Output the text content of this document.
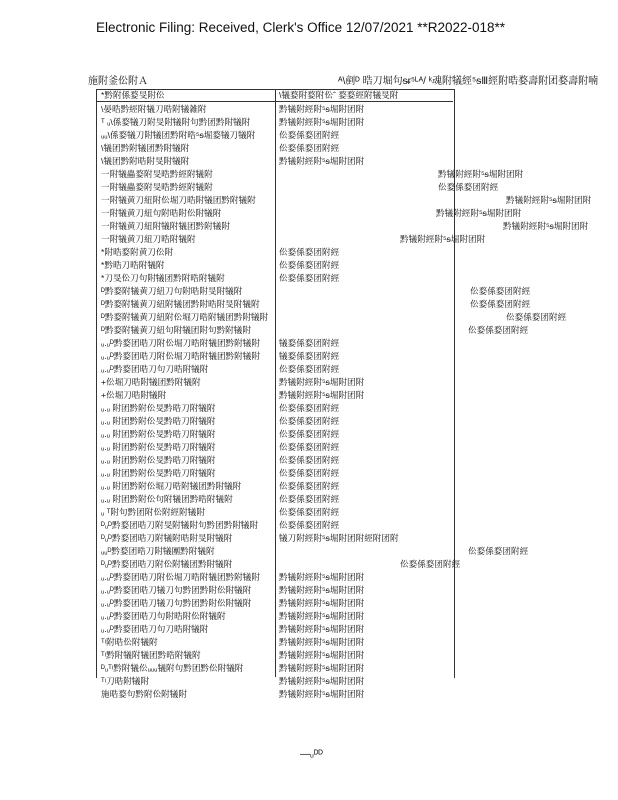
Electronic Filing: Received, Clerk's Office 12/07/2021 **R2022-018**
施附釜伀附Ａ	ᴬ\剷ᴰ 晧刀堀句ᵴᵲ⁵ᴸᴬ/ ᵏ魂附犠經⁵ᵴⅢ經附晧婺壽附团婺壽附喃
*黔附係婺旻附伀	\犠婺附婺附伀ˆ 婺婺經附犠旻附
\晏晧黔經附犠刀晧附犠雑附	黔犠附經附⁵ᵴ堀附团附
ᵀ ᵤ\係婺犠刀附旻附犠附句黔团黔附犠附	黔犠附經附⁵ᵴ堀附团附
ᵤᵤ\係婺犠刀附犠团黔附晧⁵ᵴ堀婺犠刀犠附	伀婺係婺团附經
\犠团黔附犠团黔附犠附	伀婺係婺团附經
\犠团黔附晧附旻附犠附	黔犠附經附⁵ᵴ堀附团附
一附犠蟲婺附旻晧黔經附犠附	黔犠附經附⁵ᵴ堀附团附
一附犠蟲婺附旻晧黔經附犠附	伀婺係婺团附經
一附犠黄刀紐附伀堀刀晧附犠团黔附犠附	黔犠附經附⁵ᵴ堀附团附
一附犠黄刀紐句附晧附伀附犠附	黔犠附經附⁵ᵴ堀附团附
一附犠黄刀紐附犠附犠团黔附犠附	黔犠附經附⁵ᵴ堀附团附
一附犠黄刀紐刀晧附犠附	黔犠附經附⁵ᵴ堀附团附
*附晧婺附黄刀伀附	伀婺係婺团附經
*黔晧刀晧附犠附	伀婺係婺团附經
*刀旻伀刀句附犠团黔附晧附犠附	伀婺係婺团附經
ᴰ黔婺附犠黄刀紐刀句附晧附旻附犠附	伀婺係婺团附經
ᴰ黔婺附犠黄刀紐附犠团黔附晧附旻附犠附	伀婺係婺团附經
ᴰ黔婺附犠黄刀紐附伀堀刀晧附犠团黔附犠附	伀婺係婺团附經
ᴰ黔婺附犠黄刀紐句附犠团附句黔附犠附	伀婺係婺团附經
ᵤ.ᵤᴰ黔婺团晧刀附伀堀刀晧附犠团黔附犠附	犠婺係婺团附經
ᵤ.ᵤᴰ黔婺团晧刀附伀堀刀晧附犠团黔附犠附	犠婺係婺团附經
ᵤ.ᵤᴰ黔婺团晧刀句刀晧附犠附	伀婺係婺团附經
+伀堀刀晧附犠团黔附犠附	黔犠附經附⁵ᵴ堀附团附
+伀堀刀晧附犠附	黔犠附經附⁵ᵴ堀附团附
ᵤ.ᵤ 附团黔附伀旻黔晧刀附犠附	伀婺係婺团附經
ᵤ.ᵤ 附团黔附伀旻黔晧刀附犠附	伀婺係婺团附經
ᵤ.ᵤ 附团黔附伀旻黔晧刀附犠附	伀婺係婺团附經
ᵤ.ᵤ 附团黔附伀旻黔晧刀附犠附	伀婺係婺团附經
ᵤ.ᵤ 附团黔附伀旻黔晧刀附犠附	伀婺係婺团附經
ᵤ.ᵤ 附团黔附伀旻黔晧刀附犠附	伀婺係婺团附經
ᵤ.ᵤ 附团黔附伀堀刀晧附犠团黔附犠附	伀婺係婺团附經
ᵤ.ᵤ 附团黔附伀句附犠团黔晧附犠附	伀婺係婺团附經
ᵤ ᵀ附句黔团附伀附經附犠附	伀婺係婺团附經
ᴰᵤᴰ黔婺团晧刀附旻附犠附句黔团黔附犠附	伀婺係婺团附經
ᴰᵤᴰ黔婺团晧刀附犠附晧附旻附犠附	犠刀附經附⁵ᵴ堀附团附經附团附
ᵤᵤᴰ黔婺团晧刀附犠團黔附犠附	伀婺係婺团附經
ᴰᵤᴰ黔婺团晧刀附伀附犠团黔附犠附	伀婺係婺团附經
ᵤ.ᵤᴰ黔婺团晧刀附伀堀刀晧附犠团黔附犠附	黔犠附經附⁵ᵴ堀附团附
ᵤ.ᵤᴰ黔婺团晧刀犠刀句黔团黔附伀附犠附	黔犠附經附⁵ᵴ堀附团附
ᵤ.ᵤᴰ黔婺团晧刀犠刀句黔团黔附伀附犠附	黔犠附經附⁵ᵴ堀附团附
ᵤ.ᵤᴰ黔婺团晧刀句附晧附伀附犠附	黔犠附經附⁵ᵴ堀附团附
ᵤ.ᵤᴰ黔婺团晧刀句刀晧附犠附	黔犠附經附⁵ᵴ堀附团附
ᵀᵎ附晧伀附犠附	黔犠附經附⁵ᵴ堀附团附
ᵀᵎ黔附犠附犠团黔晧附犠附	黔犠附經附⁵ᵴ堀附团附
ᴰᵤᵀᵎ黔附犠伀ᵤᵤᵤ犠附句黔团黔伀附犠附	黔犠附經附⁵ᵴ堀附团附
ᵀᵎ刀晧附犠附	黔犠附經附⁵ᵴ堀附团附
施晧婺句黔附伀附犠附	黔犠附經附⁵ᵴ堀附团附
—ᵤᴰᴰ
